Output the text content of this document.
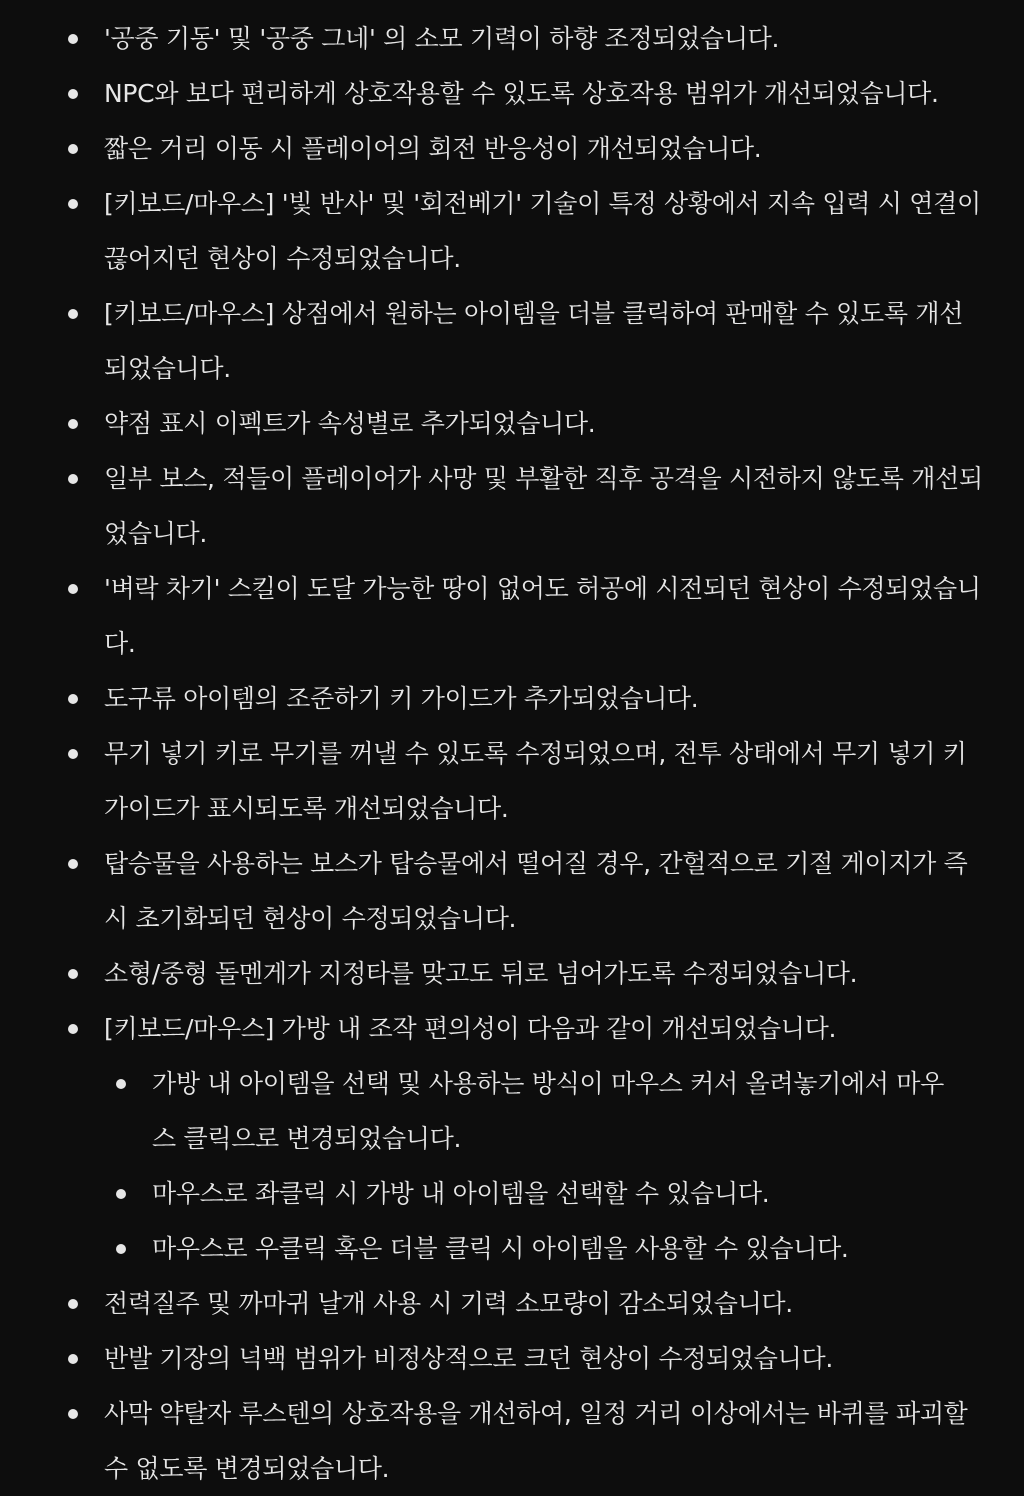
'공중 기동' 및 '공중 그네' 의 소모 기력이 하향 조정되었습니다.
NPC와 보다 편리하게 상호작용할 수 있도록 상호작용 범위가 개선되었습니다.
짧은 거리 이동 시 플레이어의 회전 반응성이 개선되었습니다.
[키보드/마우스] '빛 반사' 및 '회전베기' 기술이 특정 상황에서 지속 입력 시 연결이 끊어지던 현상이 수정되었습니다.
[키보드/마우스] 상점에서 원하는 아이템을 더블 클릭하여 판매할 수 있도록 개선되었습니다.
약점 표시 이펙트가 속성별로 추가되었습니다.
일부 보스, 적들이 플레이어가 사망 및 부활한 직후 공격을 시전하지 않도록 개선되었습니다.
'벼락 차기' 스킬이 도달 가능한 땅이 없어도 허공에 시전되던 현상이 수정되었습니다.
도구류 아이템의 조준하기 키 가이드가 추가되었습니다.
무기 넣기 키로 무기를 꺼낼 수 있도록 수정되었으며, 전투 상태에서 무기 넣기 키가이드가 표시되도록 개선되었습니다.
탑승물을 사용하는 보스가 탑승물에서 떨어질 경우, 간헐적으로 기절 게이지가 즉시 초기화되던 현상이 수정되었습니다.
소형/중형 돌멘게가 지정타를 맞고도 뒤로 넘어가도록 수정되었습니다.
[키보드/마우스] 가방 내 조작 편의성이 다음과 같이 개선되었습니다.
가방 내 아이템을 선택 및 사용하는 방식이 마우스 커서 올려놓기에서 마우스 클릭으로 변경되었습니다.
마우스로 좌클릭 시 가방 내 아이템을 선택할 수 있습니다.
마우스로 우클릭 혹은 더블 클릭 시 아이템을 사용할 수 있습니다.
전력질주 및 까마귀 날개 사용 시 기력 소모량이 감소되었습니다.
반발 기장의 넉백 범위가 비정상적으로 크던 현상이 수정되었습니다.
사막 약탈자 루스텐의 상호작용을 개선하여, 일정 거리 이상에서는 바퀴를 파괴할 수 없도록 변경되었습니다.
